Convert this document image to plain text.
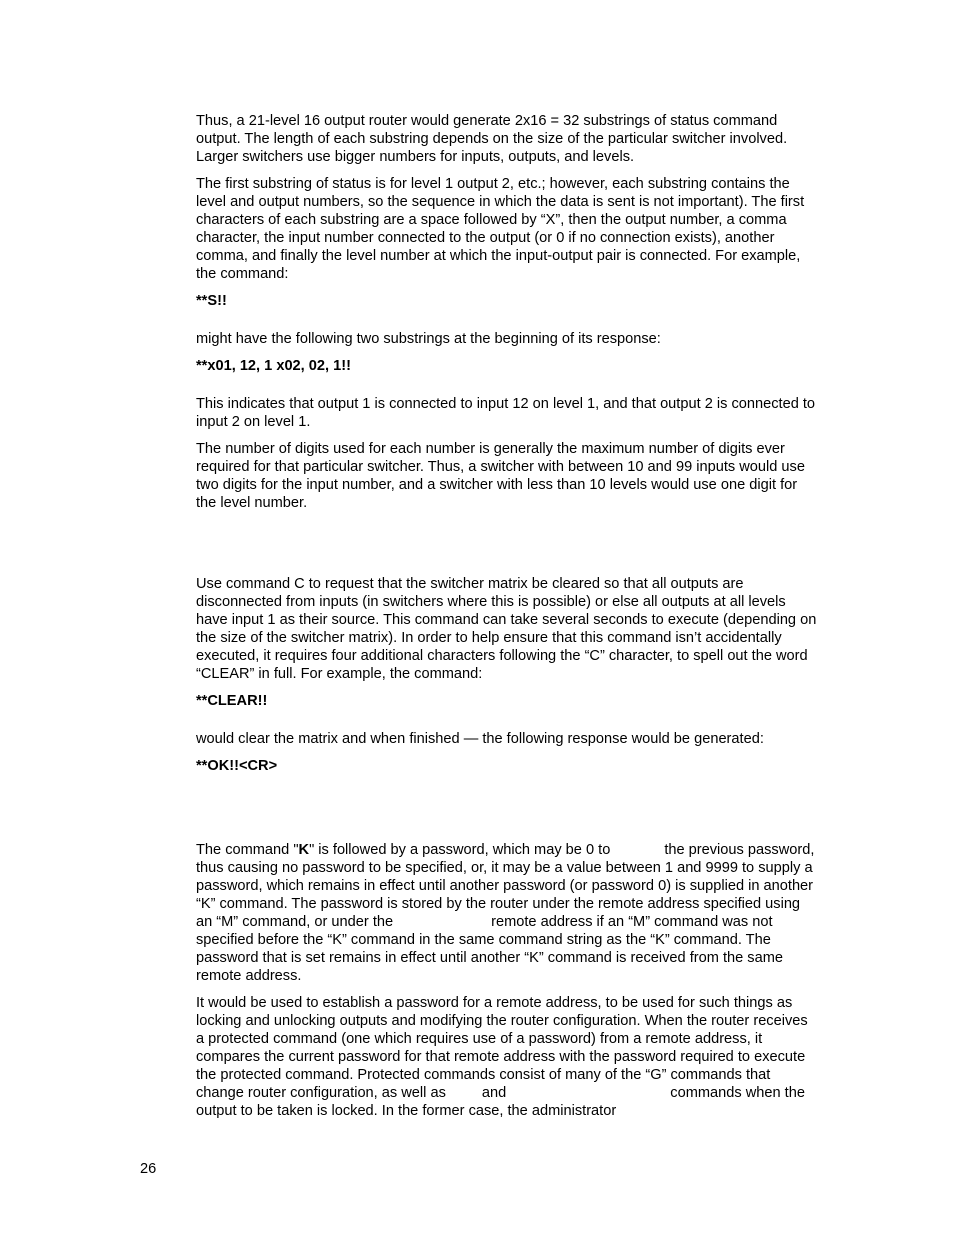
Thus, a 21-level 16 output router would generate 2x16 = 32 substrings of status command output. The length of each substring depends on the size of the particular switcher involved. Larger switchers use bigger numbers for inputs, outputs, and levels.

The first substring of status is for level 1 output 2, etc.; however, each substring contains the level and output numbers, so the sequence in which the data is sent is not important). The first characters of each substring are a space followed by “X”, then the output number, a comma character, the input number connected to the output (or 0 if no connection exists), another comma, and finally the level number at which the input-output pair is connected. For example, the command:

**S!!

might have the following two substrings at the beginning of its response:

**x01, 12, 1 x02, 02, 1!!

This indicates that output 1 is connected to input 12 on level 1, and that output 2 is connected to input 2 on level 1.

The number of digits used for each number is generally the maximum number of digits ever required for that particular switcher. Thus, a switcher with between 10 and 99 inputs would use two digits for the input number, and a switcher with less than 10 levels would use one digit for the level number.

Use command C to request that the switcher matrix be cleared so that all outputs are disconnected from inputs (in switchers where this is possible) or else all outputs at all levels have input 1 as their source. This command can take several seconds to execute (depending on the size of the switcher matrix). In order to help ensure that this command isn’t accidentally executed, it requires four additional characters following the “C” character, to spell out the word “CLEAR” in full. For example, the command:

**CLEAR!!

would clear the matrix and when finished — the following response would be generated:

**OK!!<CR>

The command "K" is followed by a password, which may be 0 to	the previous password, thus causing no password to be specified, or, it may be a value between 1 and 9999 to supply a password, which remains in effect until another password (or password 0) is supplied in another “K” command. The password is stored by the router under the remote address specified using an “M” command, or under the	remote address if an “M” command was not specified before the “K” command in the same command string as the “K” command. The password that is set remains in effect until another “K” command is received from the same remote address.

It would be used to establish a password for a remote address, to be used for such things as locking and unlocking outputs and modifying the router configuration. When the router receives a protected command (one which requires use of a password) from a remote address, it compares the current password for that remote address with the password required to execute the protected command. Protected commands consist of many of the “G” commands that change router configuration, as well as and	commands when the output to be taken is locked. In the former case, the administrator

26
